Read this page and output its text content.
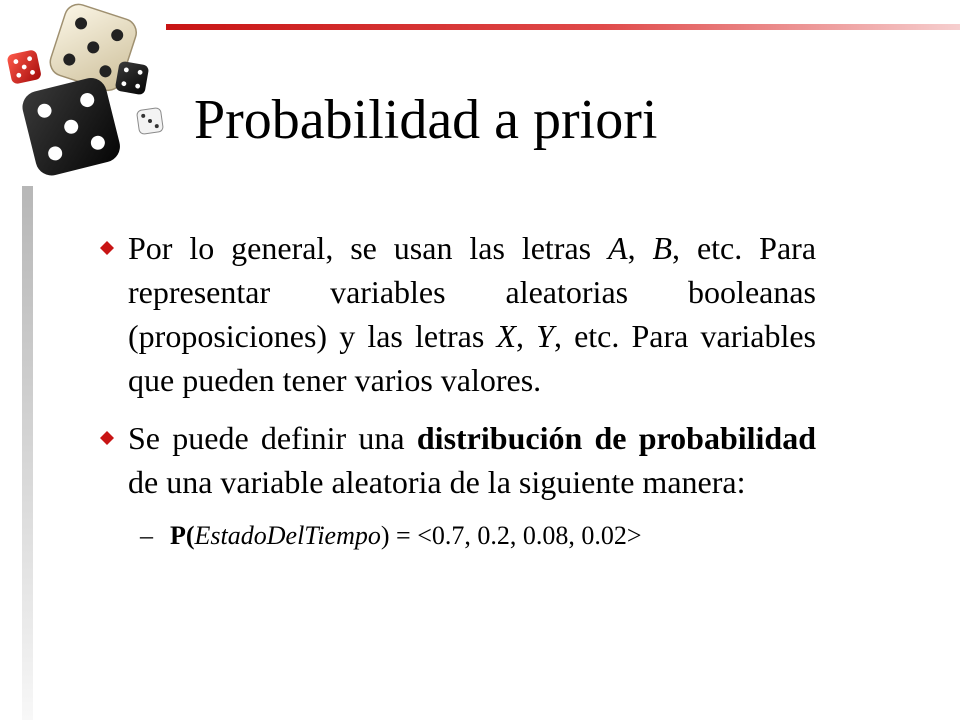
Probabilidad a priori
Por lo general, se usan las letras A, B, etc. Para representar variables aleatorias booleanas (proposiciones) y las letras X, Y, etc. Para variables que pueden tener varios valores.
Se puede definir una distribución de probabilidad de una variable aleatoria de la siguiente manera:
– P(EstadoDelTiempo) = <0.7, 0.2, 0.08, 0.02>
